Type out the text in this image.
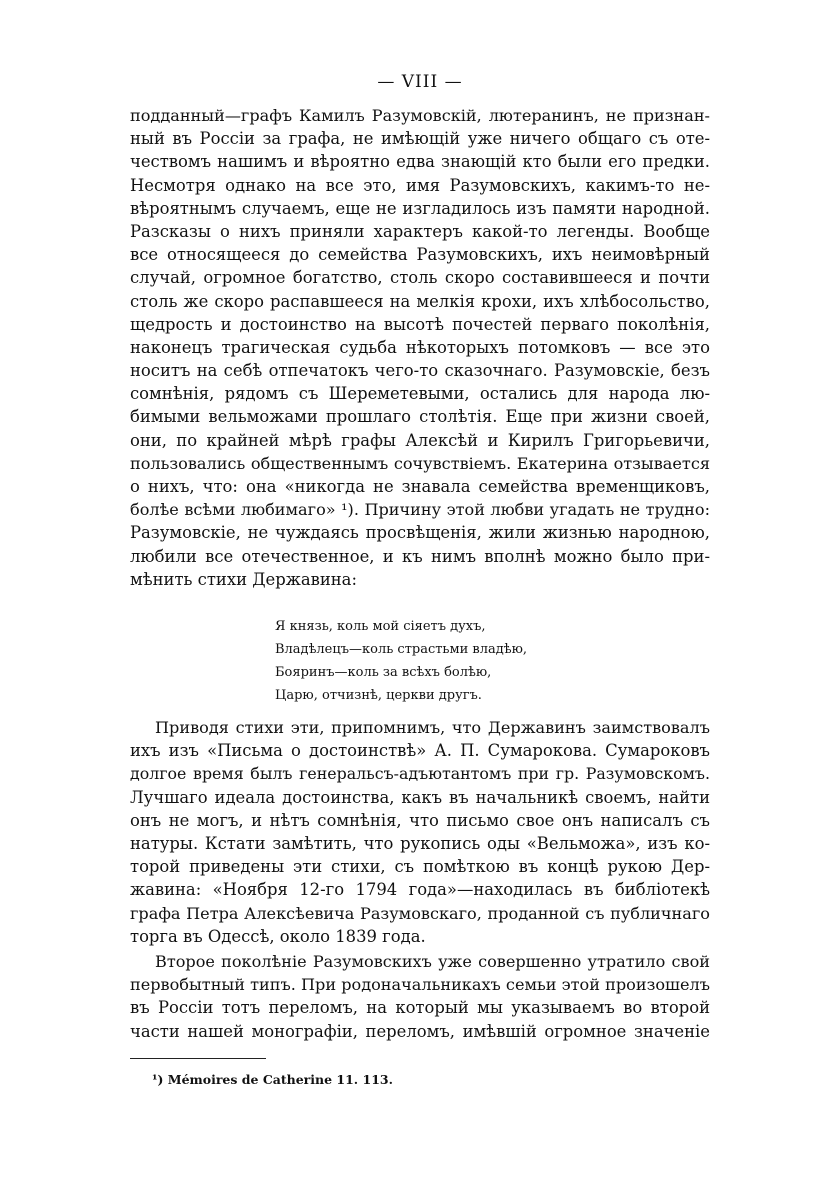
— VIII —
подданный—графъ Камилъ Разумовскій, лютеранинъ, не признан-
ный въ Россіи за графа, не имѣющій уже ничего общаго съ оте-
чествомъ нашимъ и вѣроятно едва знающій кто были его предки.
Несмотря однако на все это, имя Разумовскихъ, какимъ-то не-
вѣроятнымъ случаемъ, еще не изгладилось изъ памяти народной.
Разсказы о нихъ приняли характеръ какой-то легенды. Вообще
все относящееся до семейства Разумовскихъ, ихъ неимовѣрный
случай, огромное богатство, столь скоро составившееся и почти
столь же скоро распавшееся на мелкія крохи, ихъ хлѣбосольство,
щедрость и достоинство на высотѣ почестей перваго поколѣнія,
наконецъ трагическая судьба нѣкоторыхъ потомковъ — все это
носитъ на себѣ отпечатокъ чего-то сказочнаго. Разумовскіе, безъ
сомнѣнія, рядомъ съ Шереметевыми, остались для народа лю-
бимыми вельможами прошлаго столѣтія. Еще при жизни своей,
они, по крайней мѣрѣ графы Алексѣй и Кирилъ Григорьевичи,
пользовались общественнымъ сочувствіемъ. Екатерина отзывается
о нихъ, что: она «никогда не знавала семейства временщиковъ,
болѣе всѣми любимаго» ¹). Причину этой любви угадать не трудно:
Разумовскіе, не чуждаясь просвѣщенія, жили жизнью народною,
любили все отечественное, и къ нимъ вполнѣ можно было при-
мѣнить стихи Державина:
Я князь, коль мой сіяетъ духъ,
Владѣлецъ—коль страстьми владѣю,
Бояринъ—коль за всѣхъ болѣю,
Царю, отчизнѣ, церкви другъ.
Приводя стихи эти, припомнимъ, что Державинъ заимствовалъ
ихъ изъ «Письма о достоинствѣ» А. П. Сумарокова. Сумароковъ
долгое время былъ генеральсъ-адъютантомъ при гр. Разумовскомъ.
Лучшаго идеала достоинства, какъ въ начальникѣ своемъ, найти
онъ не могъ, и нѣтъ сомнѣнія, что письмо свое онъ написалъ съ
натуры. Кстати замѣтить, что рукопись оды «Вельможа», изъ ко-
торой приведены эти стихи, съ помѣткою въ концѣ рукою Дер-
жавина: «Ноября 12-го 1794 года»—находилась въ библіотекѣ
графа Петра Алексѣевича Разумовскаго, проданной съ публичнаго
торга въ Одессѣ, около 1839 года.
Второе поколѣніе Разумовскихъ уже совершенно утратило свой
первобытный типъ. При родоначальникахъ семьи этой произошелъ
въ Россіи тотъ переломъ, на который мы указываемъ во второй
части нашей монографіи, переломъ, имѣвшій огромное значеніе
¹) Mémoires de Catherine 11. 113.
